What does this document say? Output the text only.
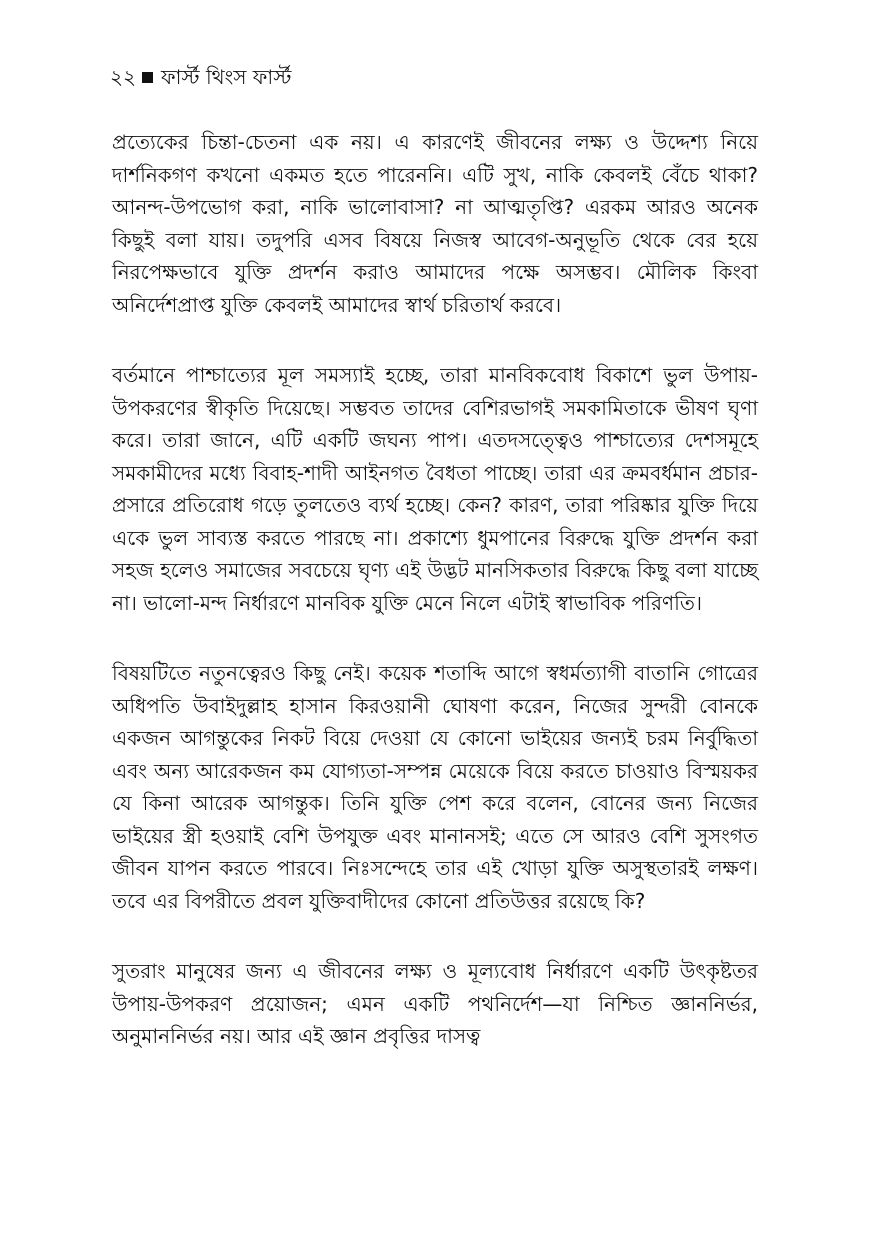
২২ ফার্স্ট থিংস ফার্স্ট

প্রত্যেকের চিন্তা-চেতনা এক নয়। এ কারণেই জীবনের লক্ষ্য ও উদ্দেশ্য নিয়ে দার্শনিকগণ কখনো একমত হতে পারেননি। এটি সুখ, নাকি কেবলই বেঁচে থাকা? আনন্দ-উপভোগ করা, নাকি ভালোবাসা? না আত্মতৃপ্তি? এরকম আরও অনেক কিছুই বলা যায়। তদুপরি এসব বিষয়ে নিজস্ব আবেগ-অনুভূতি থেকে বের হয়ে নিরপেক্ষভাবে যুক্তি প্রদর্শন করাও আমাদের পক্ষে অসম্ভব। মৌলিক কিংবা অনির্দেশপ্রাপ্ত যুক্তি কেবলই আমাদের স্বার্থ চরিতার্থ করবে।

বর্তমানে পাশ্চাত্যের মূল সমস্যাই হচ্ছে, তারা মানবিকবোধ বিকাশে ভুল উপায়-উপকরণের স্বীকৃতি দিয়েছে। সম্ভবত তাদের বেশিরভাগই সমকামিতাকে ভীষণ ঘৃণা করে। তারা জানে, এটি একটি জঘন্য পাপ। এতদসত্ত্বেও পাশ্চাত্যের দেশসমূহে সমকামীদের মধ্যে বিবাহ-শাদী আইনগত বৈধতা পাচ্ছে। তারা এর ক্রমবর্ধমান প্রচার-প্রসারে প্রতিরোধ গড়ে তুলতেও ব্যর্থ হচ্ছে। কেন? কারণ, তারা পরিষ্কার যুক্তি দিয়ে একে ভুল সাব্যস্ত করতে পারছে না। প্রকাশ্যে ধুমপানের বিরুদ্ধে যুক্তি প্রদর্শন করা সহজ হলেও সমাজের সবচেয়ে ঘৃণ্য এই উদ্ভট মানসিকতার বিরুদ্ধে কিছু বলা যাচ্ছে না। ভালো-মন্দ নির্ধারণে মানবিক যুক্তি মেনে নিলে এটাই স্বাভাবিক পরিণতি।

বিষয়টিতে নতুনত্বেরও কিছু নেই। কয়েক শতাব্দি আগে স্বধর্মত্যাগী বাতানি গোত্রের অধিপতি উবাইদুল্লাহ হাসান কিরওয়ানী ঘোষণা করেন, নিজের সুন্দরী বোনকে একজন আগন্তুকের নিকট বিয়ে দেওয়া যে কোনো ভাইয়ের জন্যই চরম নির্বুদ্ধিতা এবং অন্য আরেকজন কম যোগ্যতা-সম্পন্ন মেয়েকে বিয়ে করতে চাওয়াও বিস্ময়কর যে কিনা আরেক আগন্তুক। তিনি যুক্তি পেশ করে বলেন, বোনের জন্য নিজের ভাইয়ের স্ত্রী হওয়াই বেশি উপযুক্ত এবং মানানসই; এতে সে আরও বেশি সুসংগত জীবন যাপন করতে পারবে। নিঃসন্দেহে তার এই খোড়া যুক্তি অসুস্থতারই লক্ষণ। তবে এর বিপরীতে প্রবল যুক্তিবাদীদের কোনো প্রতিউত্তর রয়েছে কি?

সুতরাং মানুষের জন্য এ জীবনের লক্ষ্য ও মূল্যবোধ নির্ধারণে একটি উৎকৃষ্টতর উপায়-উপকরণ প্রয়োজন; এমন একটি পথনির্দেশ—যা নিশ্চিত জ্ঞাননির্ভর, অনুমাননির্ভর নয়। আর এই জ্ঞান প্রবৃত্তির দাসত্ব
